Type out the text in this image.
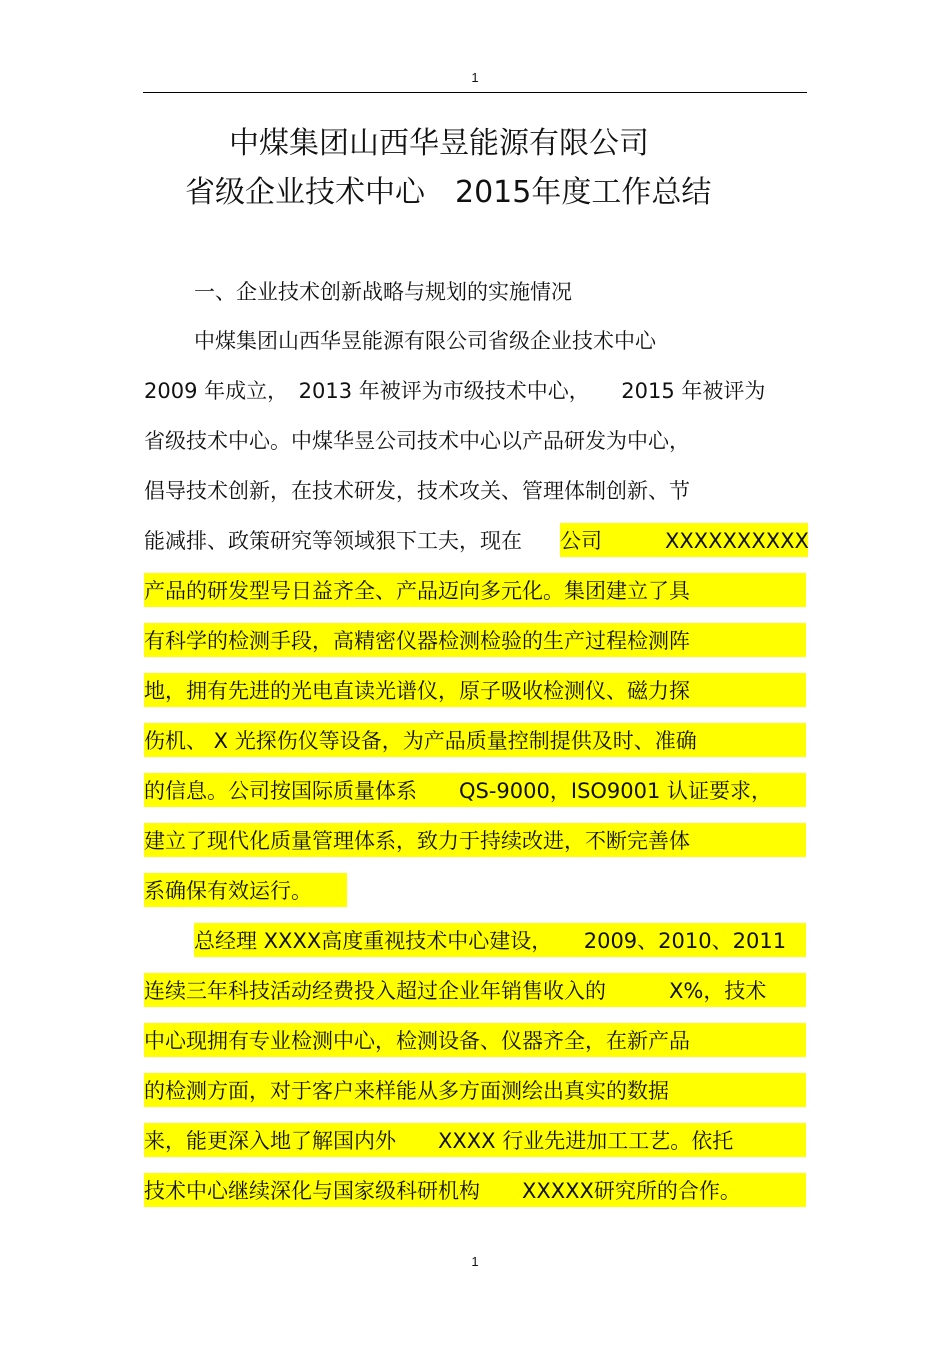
1
中煤集团山西华昱能源有限公司
省级企业技术中心　2015年度工作总结
一、企业技术创新战略与规划的实施情况
中煤集团山西华昱能源有限公司省级企业技术中心
2009 年成立，　2013 年被评为市级技术中心，　　2015 年被评为
省级技术中心。中煤华昱公司技术中心以产品研发为中心，
倡导技术创新，在技术研发，技术攻关、管理体制创新、节
能减排、政策研究等领域狠下工夫，现在 公司　　　XXXXXXXXXX
产品的研发型号日益齐全、产品迈向多元化。集团建立了具
有科学的检测手段，高精密仪器检测检验的生产过程检测阵
地，拥有先进的光电直读光谱仪，原子吸收检测仪、磁力探
伤机、 X 光探伤仪等设备，为产品质量控制提供及时、准确
的信息。公司按国际质量体系　　QS-9000，ISO9001 认证要求，
建立了现代化质量管理体系，致力于持续改进，不断完善体
系确保有效运行。
总经理 XXXX高度重视技术中心建设，　　2009、2010、2011
连续三年科技活动经费投入超过企业年销售收入的　　　X%，技术
中心现拥有专业检测中心，检测设备、仪器齐全，在新产品
的检测方面，对于客户来样能从多方面测绘出真实的数据
来，能更深入地了解国内外　　XXXX 行业先进加工工艺。依托
技术中心继续深化与国家级科研机构　　XXXXX研究所的合作。
1
